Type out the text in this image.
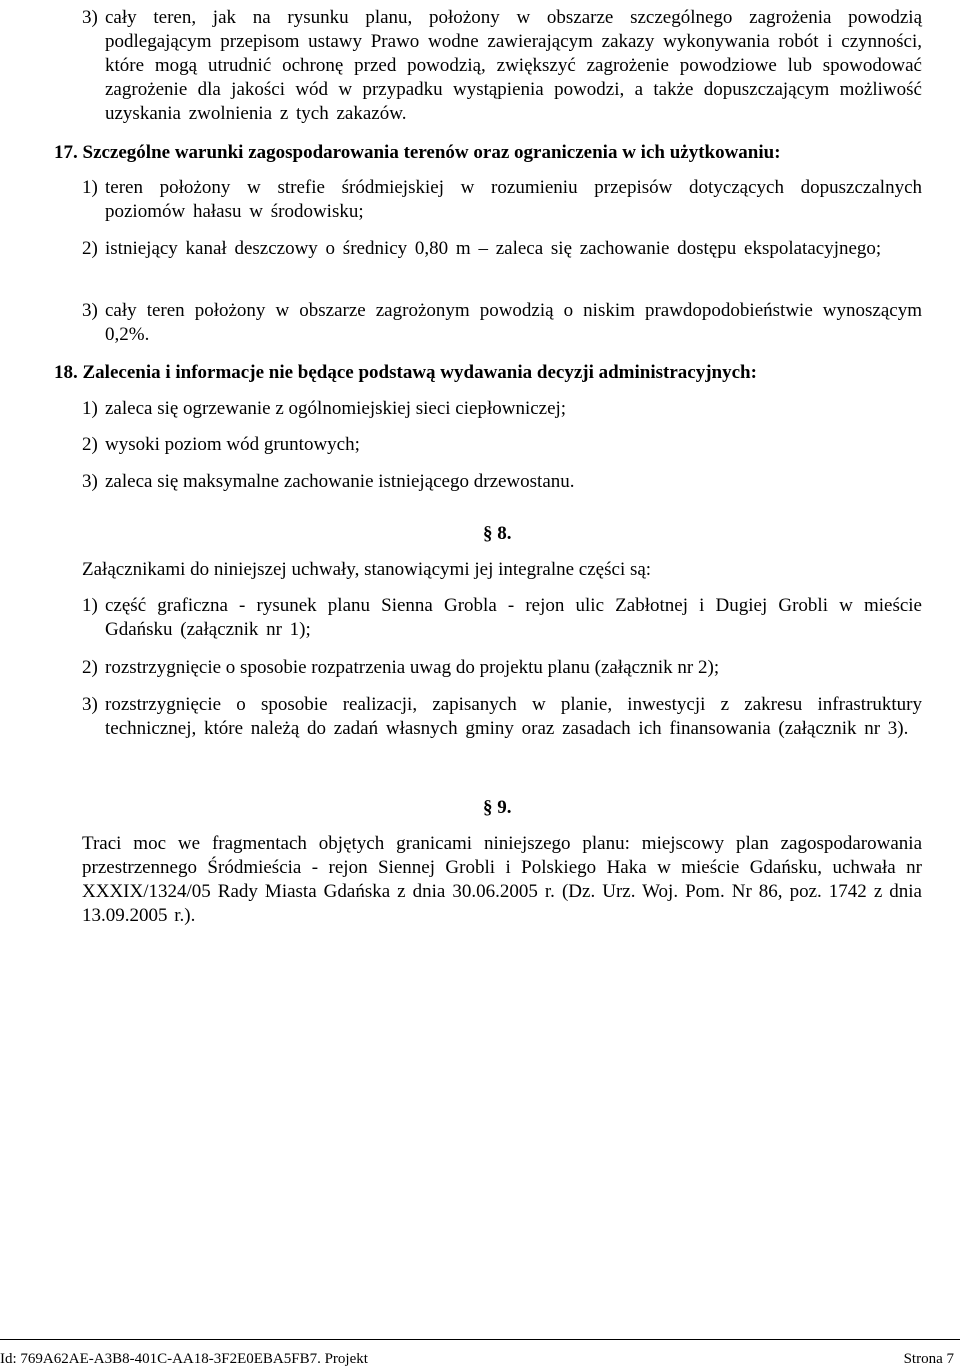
3) cały teren, jak na rysunku planu, położony w obszarze szczególnego zagrożenia powodzią podlegającym przepisom ustawy Prawo wodne zawierającym zakazy wykonywania robót i czynności, które mogą utrudnić ochronę przed powodzią, zwiększyć zagrożenie powodziowe lub spowodować zagrożenie dla jakości wód w przypadku wystąpienia powodzi, a także dopuszczającym możliwość uzyskania zwolnienia z tych zakazów.
17. Szczególne warunki zagospodarowania terenów oraz ograniczenia w ich użytkowaniu:
1) teren położony w strefie śródmiejskiej w rozumieniu przepisów dotyczących dopuszczalnych poziomów hałasu w środowisku;
2) istniejący kanał deszczowy o średnicy 0,80 m – zaleca się zachowanie dostępu ekspolatacyjnego;
3) cały teren położony w obszarze zagrożonym powodzią o niskim prawdopodobieństwie wynoszącym 0,2%.
18. Zalecenia i informacje nie będące podstawą wydawania decyzji administracyjnych:
1) zaleca się ogrzewanie z ogólnomiejskiej sieci ciepłowniczej;
2) wysoki poziom wód gruntowych;
3) zaleca się maksymalne zachowanie istniejącego drzewostanu.
§ 8.
Załącznikami do niniejszej uchwały, stanowiącymi jej integralne części są:
1) część graficzna - rysunek planu Sienna Grobla - rejon ulic Zabłotnej i Dugiej Grobli w mieście Gdańsku (załącznik nr 1);
2) rozstrzygnięcie o sposobie rozpatrzenia uwag do projektu planu (załącznik nr 2);
3) rozstrzygnięcie o sposobie realizacji, zapisanych w planie, inwestycji z zakresu infrastruktury technicznej, które należą do zadań własnych gminy oraz zasadach ich finansowania (załącznik nr 3).
§ 9.
Traci moc we fragmentach objętych granicami niniejszego planu: miejscowy plan zagospodarowania przestrzennego Śródmieścia - rejon Siennej Grobli i Polskiego Haka w mieście Gdańsku, uchwała nr XXXIX/1324/05 Rady Miasta Gdańska z dnia 30.06.2005 r. (Dz. Urz. Woj. Pom. Nr 86, poz. 1742 z dnia 13.09.2005 r.).
Id: 769A62AE-A3B8-401C-AA18-3F2E0EBA5FB7. Projekt	Strona 7
